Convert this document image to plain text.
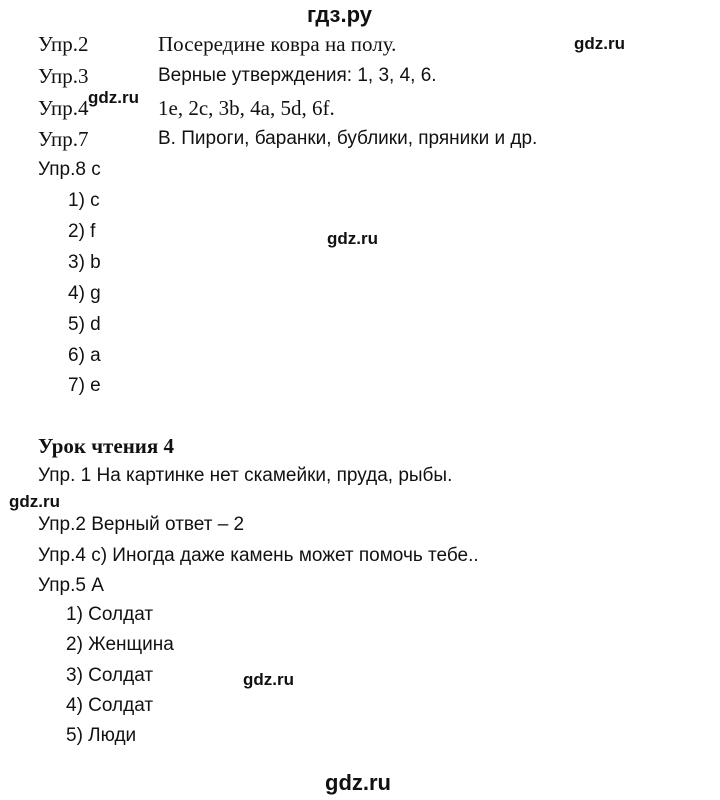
гдз.ру
gdz.ru
gdz.ru
gdz.ru
gdz.ru
gdz.ru
gdz.ru
Упр.2	Посередине ковра на полу.
Упр.3	Верные утверждения: 1, 3, 4, 6.
Упр.4	1e, 2c, 3b, 4a, 5d, 6f.
Упр.7	B. Пироги, баранки, бублики, пряники и др.
Упр.8 c
1) c
2) f
3) b
4) g
5) d
6) a
7) e
Урок чтения 4
Упр. 1 На картинке нет скамейки, пруда, рыбы.
Упр.2 Верный ответ – 2
Упр.4 с) Иногда даже камень может помочь тебе..
Упр.5 А
1) Солдат
2) Женщина
3) Солдат
4) Солдат
5) Люди
